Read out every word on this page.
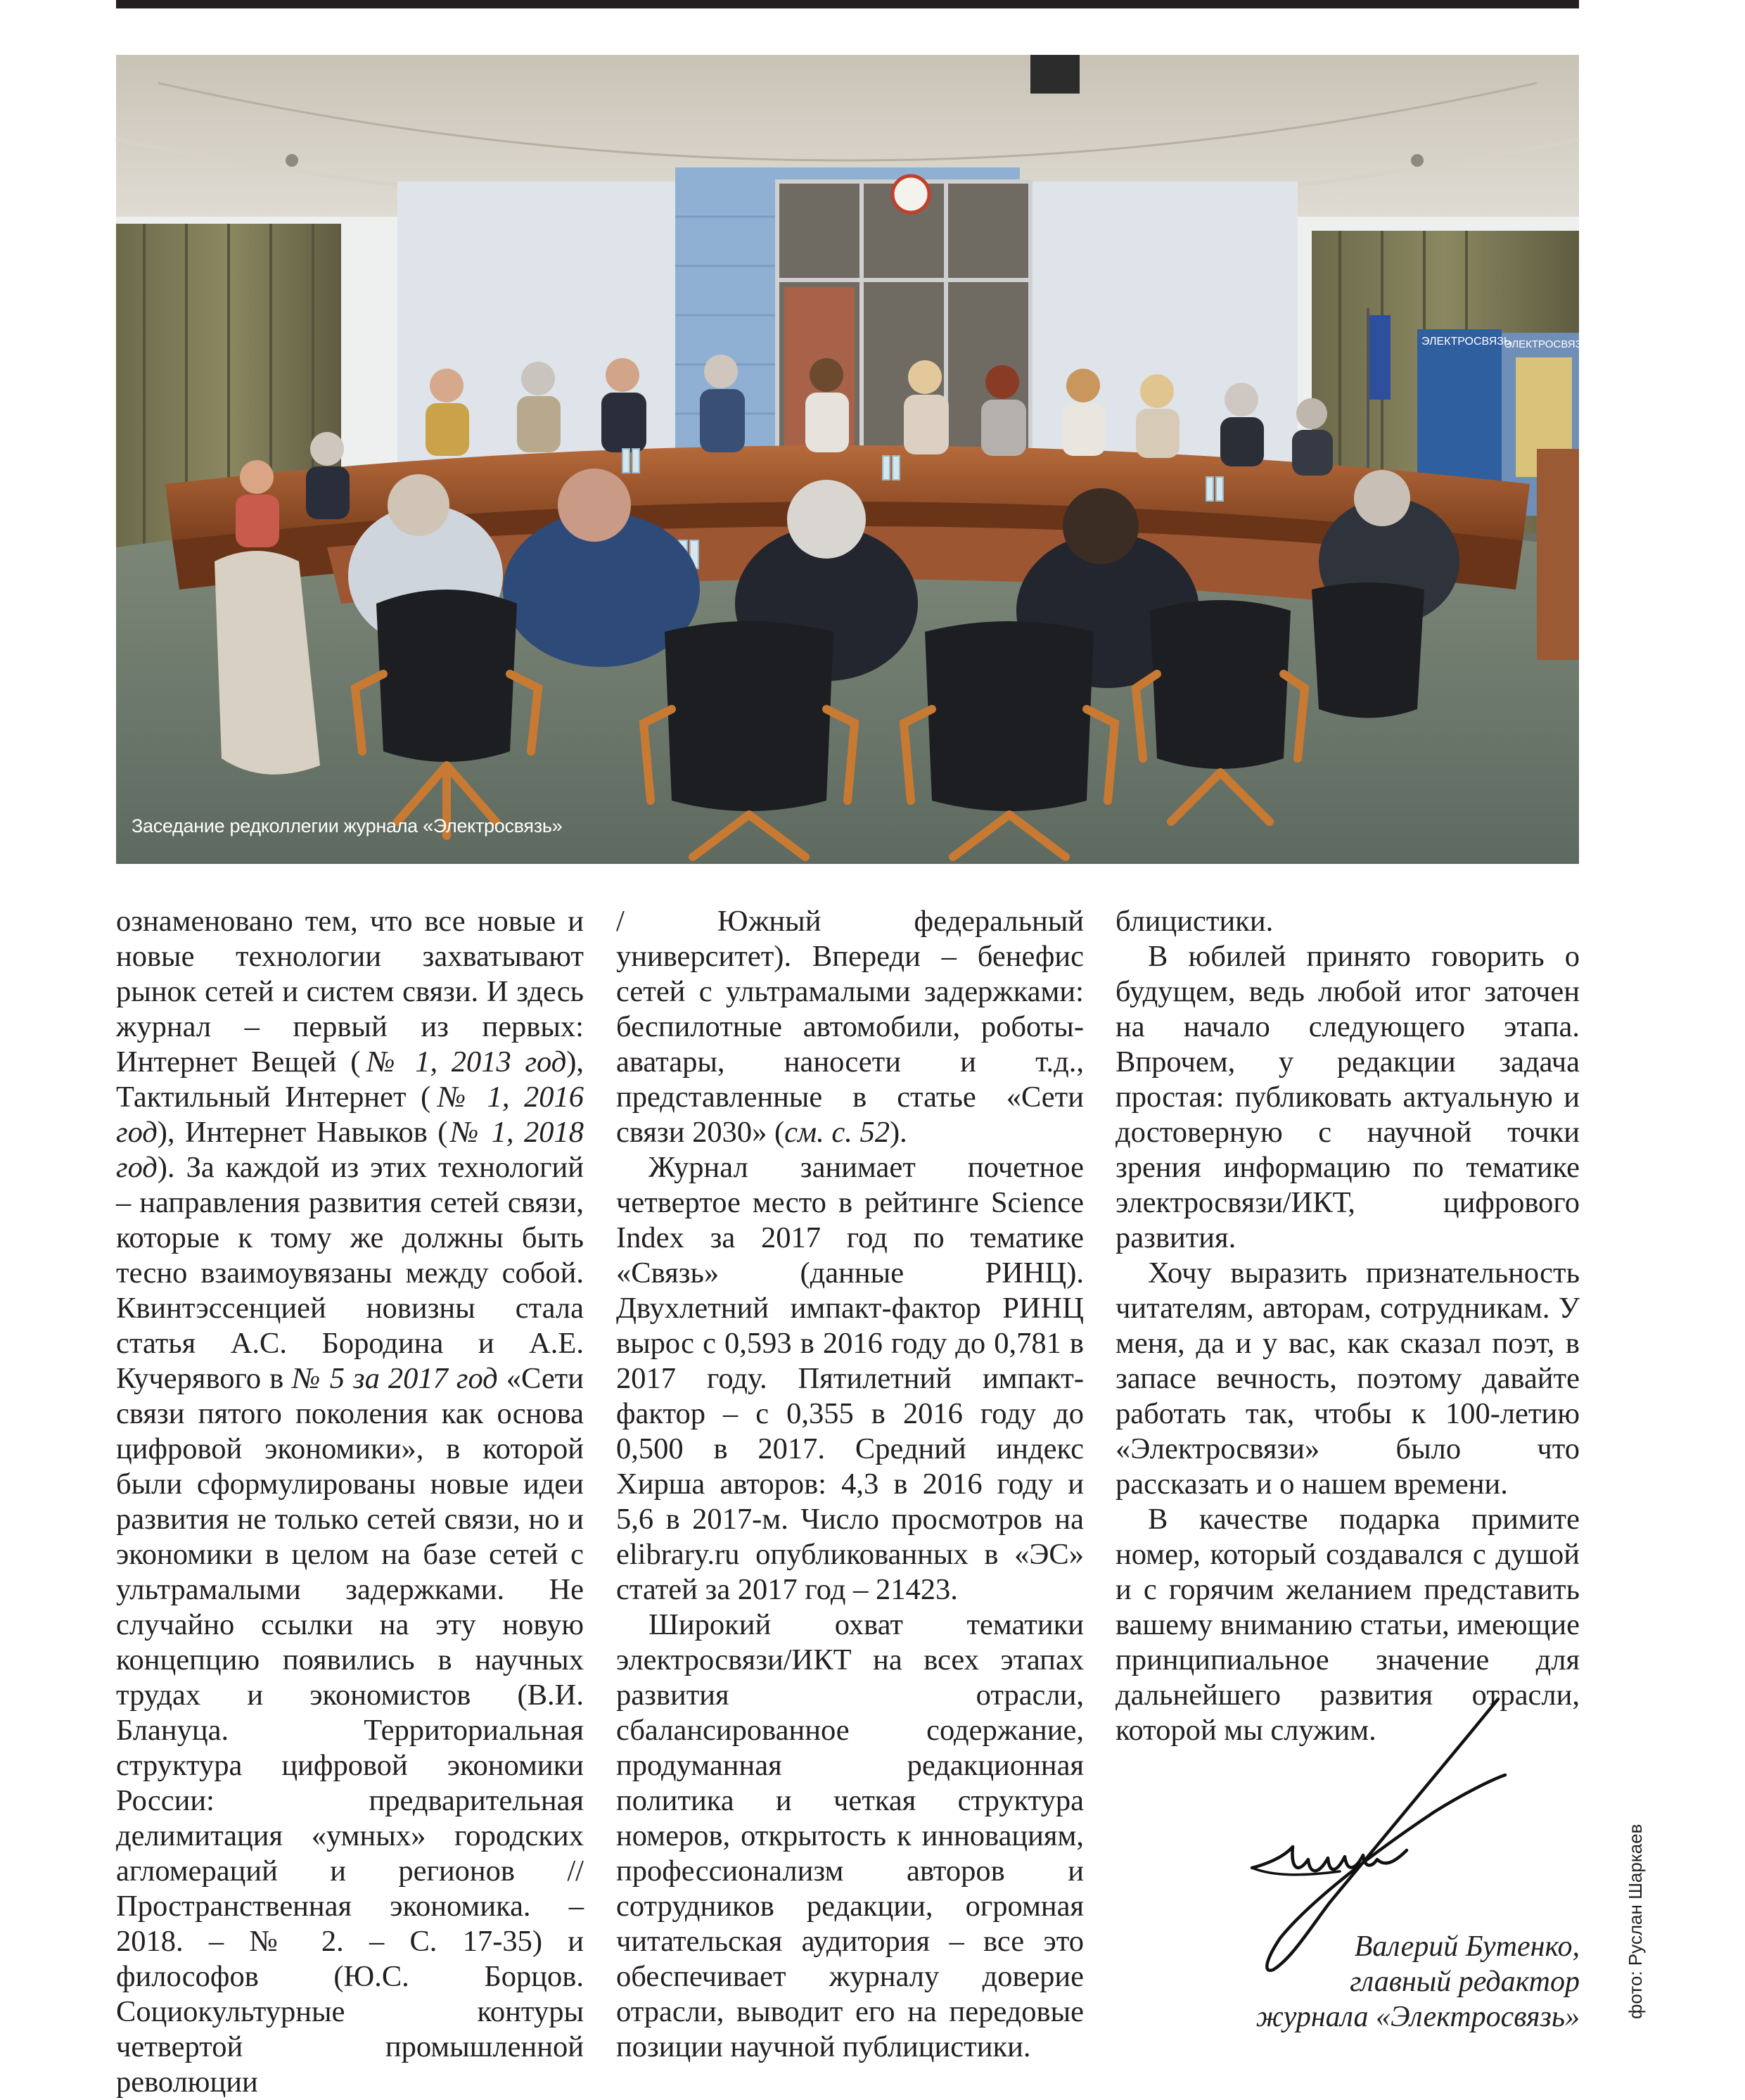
ЭЛЕКТРОСВЯЗЬ
ЭЛЕКТРОСВЯЗЬ
Заседание редколлегии журнала «Электросвязь»

ознаменовано тем, что все новые и новые технологии захватывают рынок сетей и систем связи. И здесь журнал – первый из первых: Интернет Вещей (№ 1, 2013 год), Тактильный Интернет (№ 1, 2016 год), Интернет Навыков (№ 1, 2018 год). За каждой из этих технологий – направления развития сетей связи, которые к тому же должны быть тесно взаимоувязаны между собой. Квинтэссенцией новизны стала статья А.С. Бородина и А.Е. Кучерявого в № 5 за 2017 год «Сети связи пятого поколения как основа цифровой экономики», в которой были сформулированы новые идеи развития не только сетей связи, но и экономики в целом на базе сетей с ультрамалыми задержками. Не случайно ссылки на эту новую концепцию появились в научных трудах и экономистов (В.И. Блануца. Территориальная структура цифровой экономики России: предварительная делимитация «умных» городских агломераций и регионов // Пространственная экономика. – 2018. – № 2. – С. 17-35) и философов (Ю.С. Борцов. Социокультурные контуры четвертой промышленной революции

/ Южный федеральный университет). Впереди – бенефис сетей с ультрамалыми задержками: беспилотные автомобили, роботы-аватары, наносети и т.д., представленные в статье «Сети связи 2030» (см. с. 52).

Журнал занимает почетное четвертое место в рейтинге Science Index за 2017 год по тематике «Связь» (данные РИНЦ). Двухлетний импакт-фактор РИНЦ вырос с 0,593 в 2016 году до 0,781 в 2017 году. Пятилетний импакт-фактор – с 0,355 в 2016 году до 0,500 в 2017. Средний индекс Хирша авторов: 4,3 в 2016 году и 5,6 в 2017-м. Число просмотров на elibrary.ru опубликованных в «ЭС» статей за 2017 год – 21423.

Широкий охват тематики электросвязи/ИКТ на всех этапах развития отрасли, сбалансированное содержание, продуманная редакционная политика и четкая структура номеров, открытость к инновациям, профессионализм авторов и сотрудников редакции, огромная читательская аудитория – все это обеспечивает журналу доверие отрасли, выводит его на передовые позиции научной публицистики.

блицистики.

В юбилей принято говорить о будущем, ведь любой итог заточен на начало следующего этапа. Впрочем, у редакции задача простая: публиковать актуальную и достоверную с научной точки зрения информацию по тематике электросвязи/ИКТ, цифрового развития.

Хочу выразить признательность читателям, авторам, сотрудникам. У меня, да и у вас, как сказал поэт, в запасе вечность, поэтому давайте работать так, чтобы к 100-летию «Электросвязи» было что рассказать и о нашем времени.

В качестве подарка примите номер, который создавался с душой и с горячим желанием представить вашему вниманию статьи, имеющие принципиальное значение для дальнейшего развития отрасли, которой мы служим.

Валерий Бутенко,
главный редактор
журнала «Электросвязь» фото: Руслан Шаркаев
